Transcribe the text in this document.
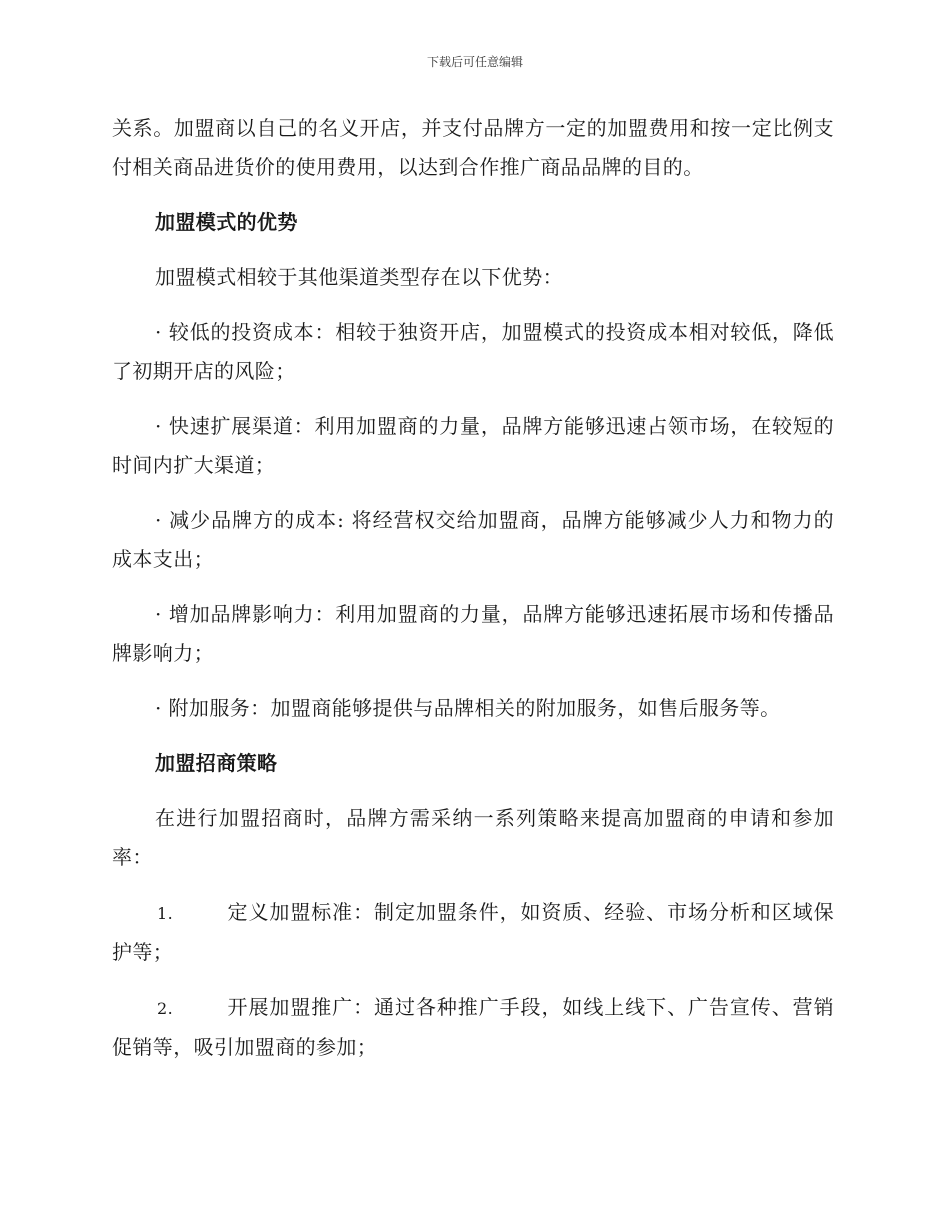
下载后可任意编辑

关系。加盟商以自己的名义开店，并支付品牌方一定的加盟费用和按一定比例支付相关商品进货价的使用费用，以达到合作推广商品品牌的目的。

加盟模式的优势

加盟模式相较于其他渠道类型存在以下优势：

· 较低的投资成本：相较于独资开店，加盟模式的投资成本相对较低，降低了初期开店的风险；

· 快速扩展渠道：利用加盟商的力量，品牌方能够迅速占领市场，在较短的时间内扩大渠道；

· 减少品牌方的成本: 将经营权交给加盟商，品牌方能够减少人力和物力的成本支出；

· 增加品牌影响力：利用加盟商的力量，品牌方能够迅速拓展市场和传播品牌影响力；

· 附加服务：加盟商能够提供与品牌相关的附加服务，如售后服务等。

加盟招商策略

在进行加盟招商时，品牌方需采纳一系列策略来提高加盟商的申请和参加率：

1.	定义加盟标准：制定加盟条件，如资质、经验、市场分析和区域保护等；

2.	开展加盟推广：通过各种推广手段，如线上线下、广告宣传、营销促销等，吸引加盟商的参加；
